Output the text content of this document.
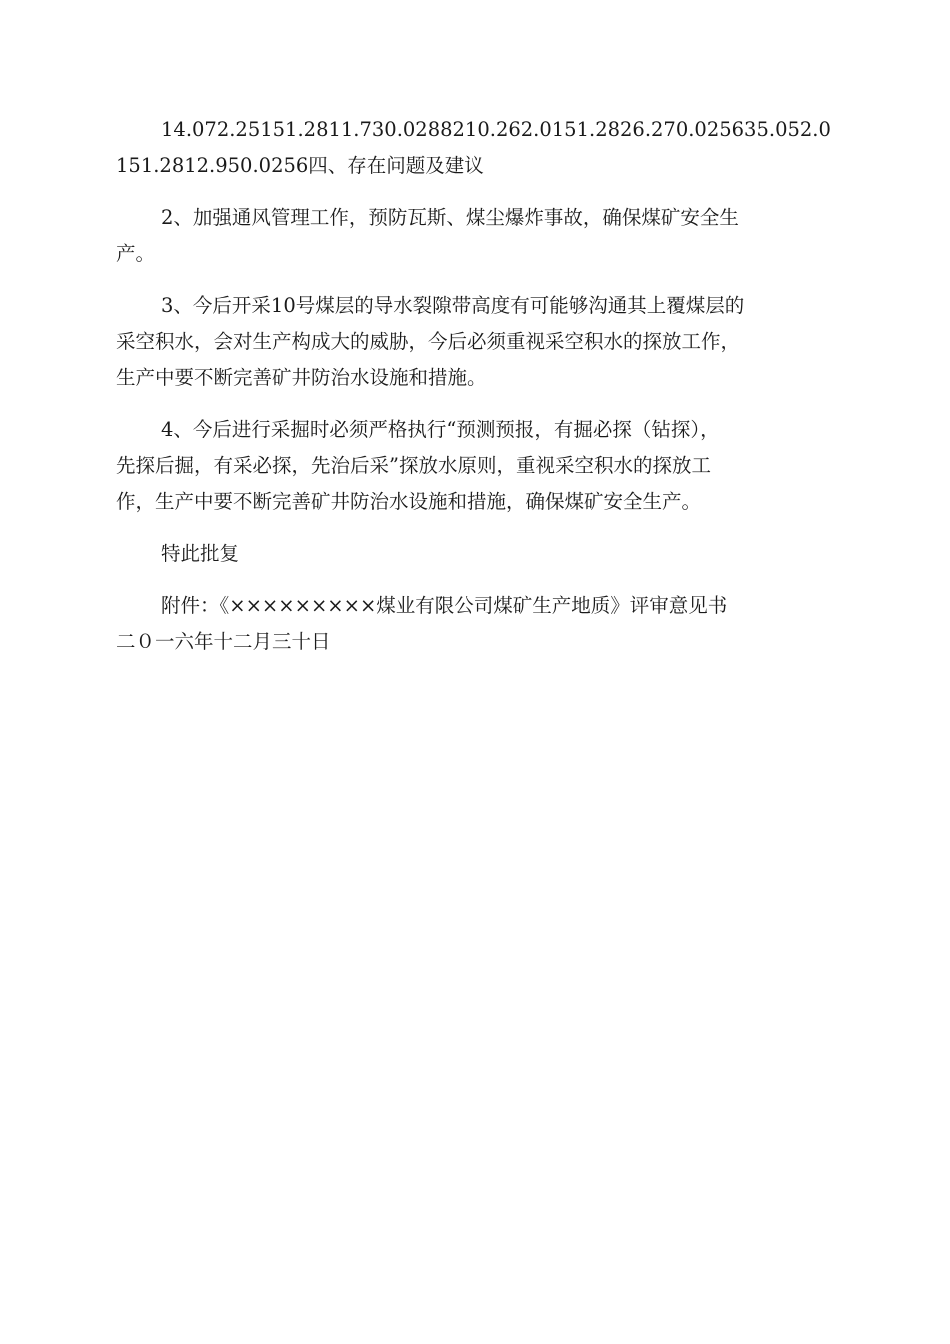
14.072.25151.2811.730.0288210.262.0151.2826.270.025635.052.0
151.2812.950.0256四、存在问题及建议

2、加强通风管理工作，预防瓦斯、煤尘爆炸事故，确保煤矿安全生
产。

3、今后开采10号煤层的导水裂隙带高度有可能够沟通其上覆煤层的
采空积水，会对生产构成大的威胁，今后必须重视采空积水的探放工作，
生产中要不断完善矿井防治水设施和措施。

4、今后进行采掘时必须严格执行“预测预报，有掘必探（钻探），
先探后掘，有采必探，先治后采”探放水原则，重视采空积水的探放工
作，生产中要不断完善矿井防治水设施和措施，确保煤矿安全生产。

特此批复

附件：《×××××××××煤业有限公司煤矿生产地质》评审意见书
二０一六年十二月三十日
